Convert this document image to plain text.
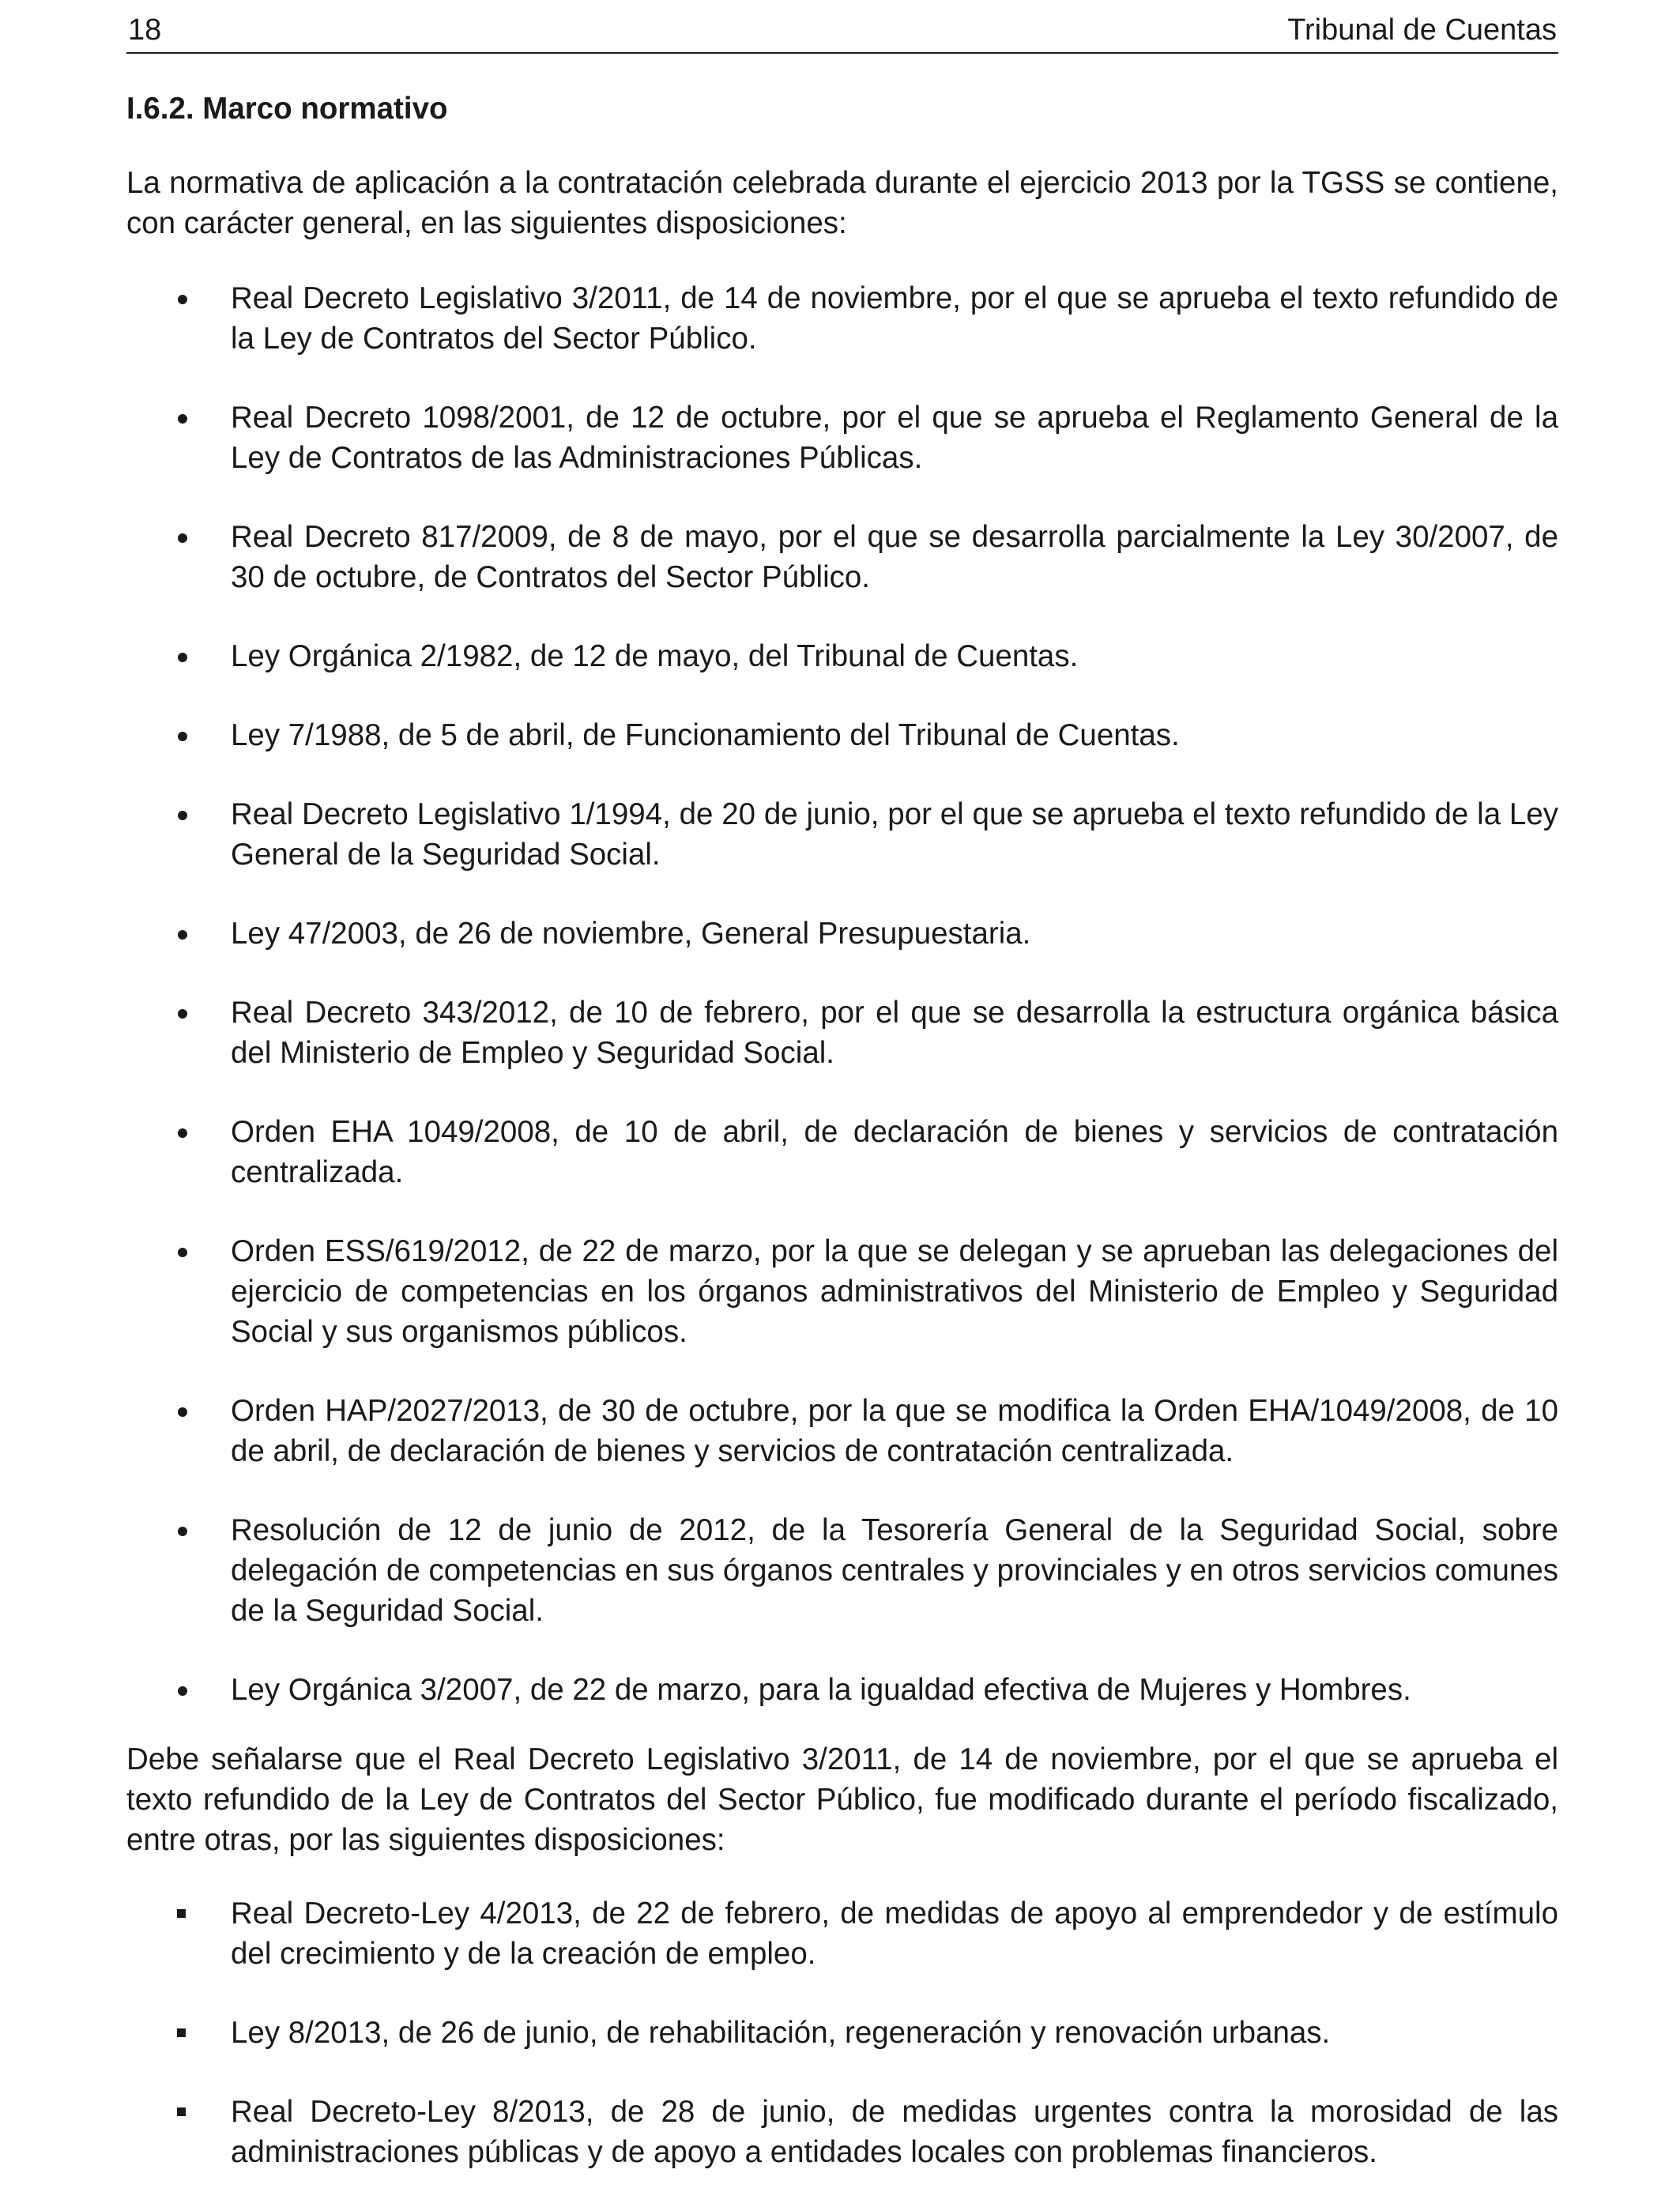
18	Tribunal de Cuentas
I.6.2. Marco normativo

La normativa de aplicación a la contratación celebrada durante el ejercicio 2013 por la TGSS se contiene, con carácter general, en las siguientes disposiciones:

Real Decreto Legislativo 3/2011, de 14 de noviembre, por el que se aprueba el texto refundido de la Ley de Contratos del Sector Público.
Real Decreto 1098/2001, de 12 de octubre, por el que se aprueba el Reglamento General de la Ley de Contratos de las Administraciones Públicas.
Real Decreto 817/2009, de 8 de mayo, por el que se desarrolla parcialmente la Ley 30/2007, de 30 de octubre, de Contratos del Sector Público.
Ley Orgánica 2/1982, de 12 de mayo, del Tribunal de Cuentas.
Ley 7/1988, de 5 de abril, de Funcionamiento del Tribunal de Cuentas.
Real Decreto Legislativo 1/1994, de 20 de junio, por el que se aprueba el texto refundido de la Ley General de la Seguridad Social.
Ley 47/2003, de 26 de noviembre, General Presupuestaria.
Real Decreto 343/2012, de 10 de febrero, por el que se desarrolla la estructura orgánica básica del Ministerio de Empleo y Seguridad Social.
Orden EHA 1049/2008, de 10 de abril, de declaración de bienes y servicios de contratación centralizada.
Orden ESS/619/2012, de 22 de marzo, por la que se delegan y se aprueban las delegaciones del ejercicio de competencias en los órganos administrativos del Ministerio de Empleo y Seguridad Social y sus organismos públicos.
Orden HAP/2027/2013, de 30 de octubre, por la que se modifica la Orden EHA/1049/2008, de 10 de abril, de declaración de bienes y servicios de contratación centralizada.
Resolución de 12 de junio de 2012, de la Tesorería General de la Seguridad Social, sobre delegación de competencias en sus órganos centrales y provinciales y en otros servicios comunes de la Seguridad Social.
Ley Orgánica 3/2007, de 22 de marzo, para la igualdad efectiva de Mujeres y Hombres.

Debe señalarse que el Real Decreto Legislativo 3/2011, de 14 de noviembre, por el que se aprueba el texto refundido de la Ley de Contratos del Sector Público, fue modificado durante el período fiscalizado, entre otras, por las siguientes disposiciones:

Real Decreto-Ley 4/2013, de 22 de febrero, de medidas de apoyo al emprendedor y de estímulo del crecimiento y de la creación de empleo.
Ley 8/2013, de 26 de junio, de rehabilitación, regeneración y renovación urbanas.
Real Decreto-Ley 8/2013, de 28 de junio, de medidas urgentes contra la morosidad de las administraciones públicas y de apoyo a entidades locales con problemas financieros.
